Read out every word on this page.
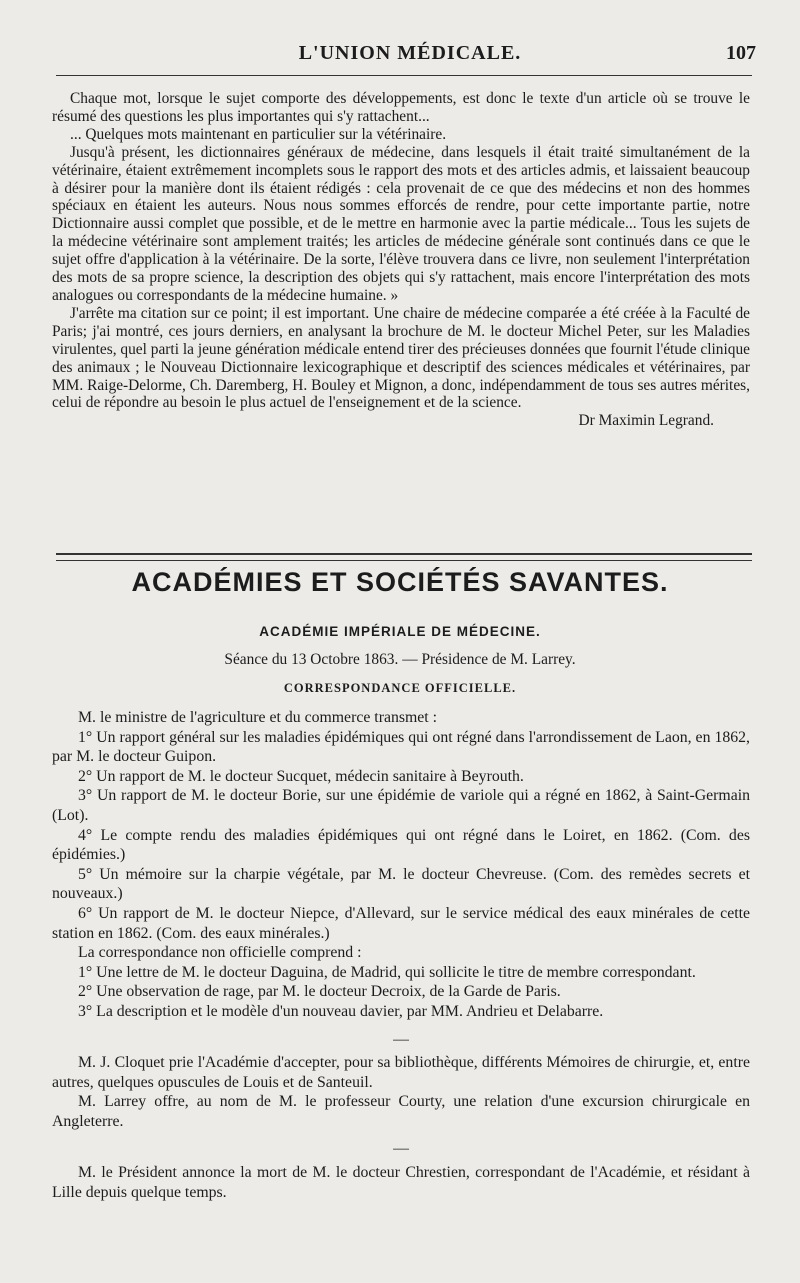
L'UNION MÉDICALE.	107

Chaque mot, lorsque le sujet comporte des développements, est donc le texte d'un article où se trouve le résumé des questions les plus importantes qui s'y rattachent...

... Quelques mots maintenant en particulier sur la vétérinaire.

Jusqu'à présent, les dictionnaires généraux de médecine, dans lesquels il était traité simultanément de la vétérinaire, étaient extrêmement incomplets sous le rapport des mots et des articles admis, et laissaient beaucoup à désirer pour la manière dont ils étaient rédigés : cela provenait de ce que des médecins et non des hommes spéciaux en étaient les auteurs. Nous nous sommes efforcés de rendre, pour cette importante partie, notre Dictionnaire aussi complet que possible, et de le mettre en harmonie avec la partie médicale... Tous les sujets de la médecine vétérinaire sont amplement traités; les articles de médecine générale sont continués dans ce que le sujet offre d'application à la vétérinaire. De la sorte, l'élève trouvera dans ce livre, non seulement l'interprétation des mots de sa propre science, la description des objets qui s'y rattachent, mais encore l'interprétation des mots analogues ou correspondants de la médecine humaine. »

J'arrête ma citation sur ce point; il est important. Une chaire de médecine comparée a été créée à la Faculté de Paris; j'ai montré, ces jours derniers, en analysant la brochure de M. le docteur Michel Peter, sur les Maladies virulentes, quel parti la jeune génération médicale entend tirer des précieuses données que fournit l'étude clinique des animaux ; le Nouveau Dictionnaire lexicographique et descriptif des sciences médicales et vétérinaires, par MM. Raige-Delorme, Ch. Daremberg, H. Bouley et Mignon, a donc, indépendamment de tous ses autres mérites, celui de répondre au besoin le plus actuel de l'enseignement et de la science.

Dr Maximin Legrand.

ACADÉMIES ET SOCIÉTÉS SAVANTES.
ACADÉMIE IMPÉRIALE DE MÉDECINE.
Séance du 13 Octobre 1863. — Présidence de M. Larrey.
CORRESPONDANCE OFFICIELLE.

M. le ministre de l'agriculture et du commerce transmet :

1° Un rapport général sur les maladies épidémiques qui ont régné dans l'arrondissement de Laon, en 1862, par M. le docteur Guipon.

2° Un rapport de M. le docteur Sucquet, médecin sanitaire à Beyrouth.

3° Un rapport de M. le docteur Borie, sur une épidémie de variole qui a régné en 1862, à Saint-Germain (Lot).

4° Le compte rendu des maladies épidémiques qui ont régné dans le Loiret, en 1862. (Com. des épidémies.)

5° Un mémoire sur la charpie végétale, par M. le docteur Chevreuse. (Com. des remèdes secrets et nouveaux.)

6° Un rapport de M. le docteur Niepce, d'Allevard, sur le service médical des eaux minérales de cette station en 1862. (Com. des eaux minérales.)

La correspondance non officielle comprend :

1° Une lettre de M. le docteur Daguina, de Madrid, qui sollicite le titre de membre correspondant.

2° Une observation de rage, par M. le docteur Decroix, de la Garde de Paris.

3° La description et le modèle d'un nouveau davier, par MM. Andrieu et Delabarre.

—

M. J. Cloquet prie l'Académie d'accepter, pour sa bibliothèque, différents Mémoires de chirurgie, et, entre autres, quelques opuscules de Louis et de Santeuil.

M. Larrey offre, au nom de M. le professeur Courty, une relation d'une excursion chirurgicale en Angleterre.

—

M. le Président annonce la mort de M. le docteur Chrestien, correspondant de l'Académie, et résidant à Lille depuis quelque temps.
